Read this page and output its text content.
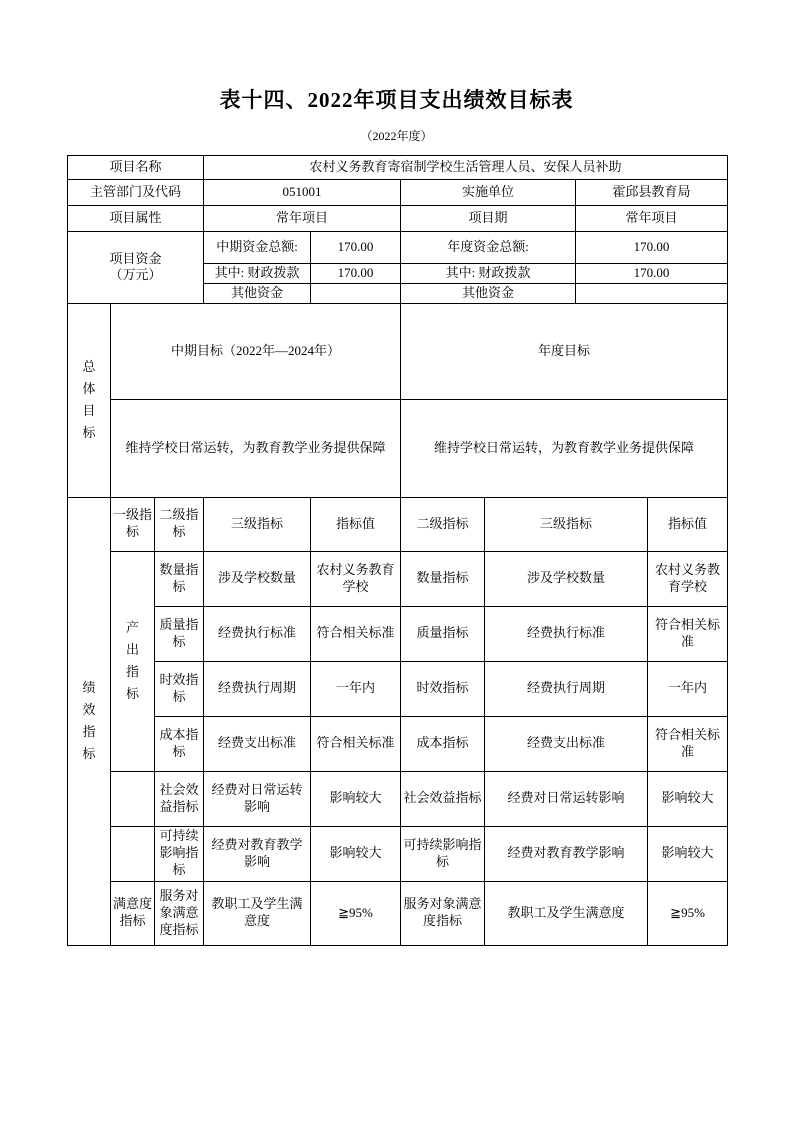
表十四、2022年项目支出绩效目标表
（2022年度）
项目名称			农村义务教育寄宿制学校生活管理人员、安保人员补助					
主管部门及代码			051001		实施单位		霍邱县教育局	
项目属性			常年项目		项目期		常年项目	
项目资金（万元）			中期资金总额:	170.00	年度资金总额:		170.00	
			其中: 财政拨款	170.00	其中: 财政拨款		170.00	
			其他资金		其他资金			
总体目标	中期目标（2022年—2024年）				年度目标			
	维持学校日常运转，为教育教学业务提供保障				维持学校日常运转，为教育教学业务提供保障			
绩效指标	一级指标	二级指标	三级指标	指标值	二级指标	三级指标		指标值
	产出指标	数量指标	涉及学校数量	农村义务教育学校	数量指标	涉及学校数量		农村义务教育学校
		质量指标	经费执行标准	符合相关标准	质量指标	经费执行标准		符合相关标准
		时效指标	经费执行周期	一年内	时效指标	经费执行周期		一年内
		成本指标	经费支出标准	符合相关标准	成本指标	经费支出标准		符合相关标准
		社会效益指标	经费对日常运转影响	影响较大	社会效益指标	经费对日常运转影响		影响较大
		可持续影响指标	经费对教育教学影响	影响较大	可持续影响指标	经费对教育教学影响		影响较大
	满意度指标	服务对象满意度指标	教职工及学生满意度	≧95%	服务对象满意度指标	教职工及学生满意度		≧95%
